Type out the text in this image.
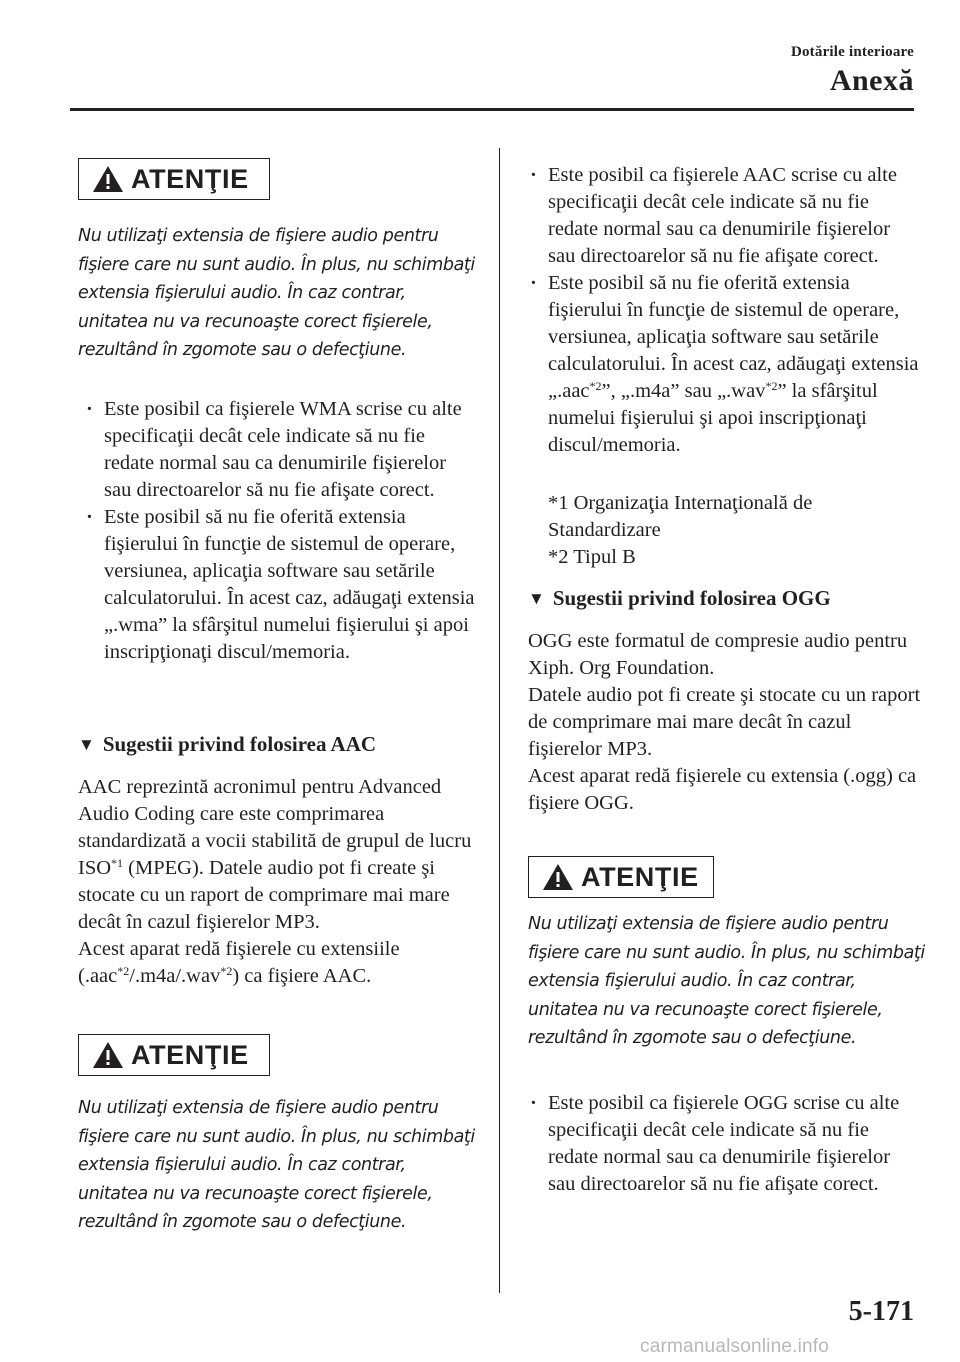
Dotările interioare
Anexă
ATENŢIE

Nu utilizaţi extensia de fişiere audio pentru fişiere care nu sunt audio. În plus, nu schimbaţi extensia fişierului audio. În caz contrar, unitatea nu va recunoaşte corect fişierele, rezultând în zgomote sau o defecţiune.

· Este posibil ca fişierele WMA scrise cu alte specificaţii decât cele indicate să nu fie redate normal sau ca denumirile fişierelor sau directoarelor să nu fie afişate corect.
· Este posibil să nu fie oferită extensia fişierului în funcţie de sistemul de operare, versiunea, aplicaţia software sau setările calculatorului. În acest caz, adăugaţi extensia „.wma” la sfârşitul numelui fişierului şi apoi inscripţionaţi discul/memoria.
▼ Sugestii privind folosirea AAC

AAC reprezintă acronimul pentru Advanced Audio Coding care este comprimarea standardizată a vocii stabilită de grupul de lucru ISO$^{*1}$ (MPEG). Datele audio pot fi create şi stocate cu un raport de comprimare mai mare decât în cazul fişierelor MP3.
Acest aparat redă fişierele cu extensiile (.aac$^{*2}$/.m4a/.wav$^{*2}$) ca fişiere AAC.

ATENŢIE

Nu utilizaţi extensia de fişiere audio pentru fişiere care nu sunt audio. În plus, nu schimbaţi extensia fişierului audio. În caz contrar, unitatea nu va recunoaşte corect fişierele, rezultând în zgomote sau o defecţiune.

· Este posibil ca fişierele AAC scrise cu alte specificaţii decât cele indicate să nu fie redate normal sau ca denumirile fişierelor sau directoarelor să nu fie afişate corect.
· Este posibil să nu fie oferită extensia fişierului în funcţie de sistemul de operare, versiunea, aplicaţia software sau setările calculatorului. În acest caz, adăugaţi extensia „.aac$^{*2}$”, „.m4a” sau „.wav$^{*2}$” la sfârşitul numelui fişierului şi apoi inscripţionaţi discul/memoria.

*1 Organizaţia Internaţională de Standardizare

*2 Tipul B

▼ Sugestii privind folosirea OGG

OGG este formatul de compresie audio pentru Xiph. Org Foundation.

Datele audio pot fi create şi stocate cu un raport de comprimare mai mare decât în cazul fişierelor MP3.

Acest aparat redă fişierele cu extensia (.ogg) ca fişiere OGG.

ATENŢIE

Nu utilizaţi extensia de fişiere audio pentru fişiere care nu sunt audio. În plus, nu schimbaţi extensia fişierului audio. În caz contrar, unitatea nu va recunoaşte corect fişierele, rezultând în zgomote sau o defecţiune.

· Este posibil ca fişierele OGG scrise cu alte specificaţii decât cele indicate să nu fie redate normal sau ca denumirile fişierelor sau directoarelor să nu fie afişate corect.
5-171
carmanualsonline.info
